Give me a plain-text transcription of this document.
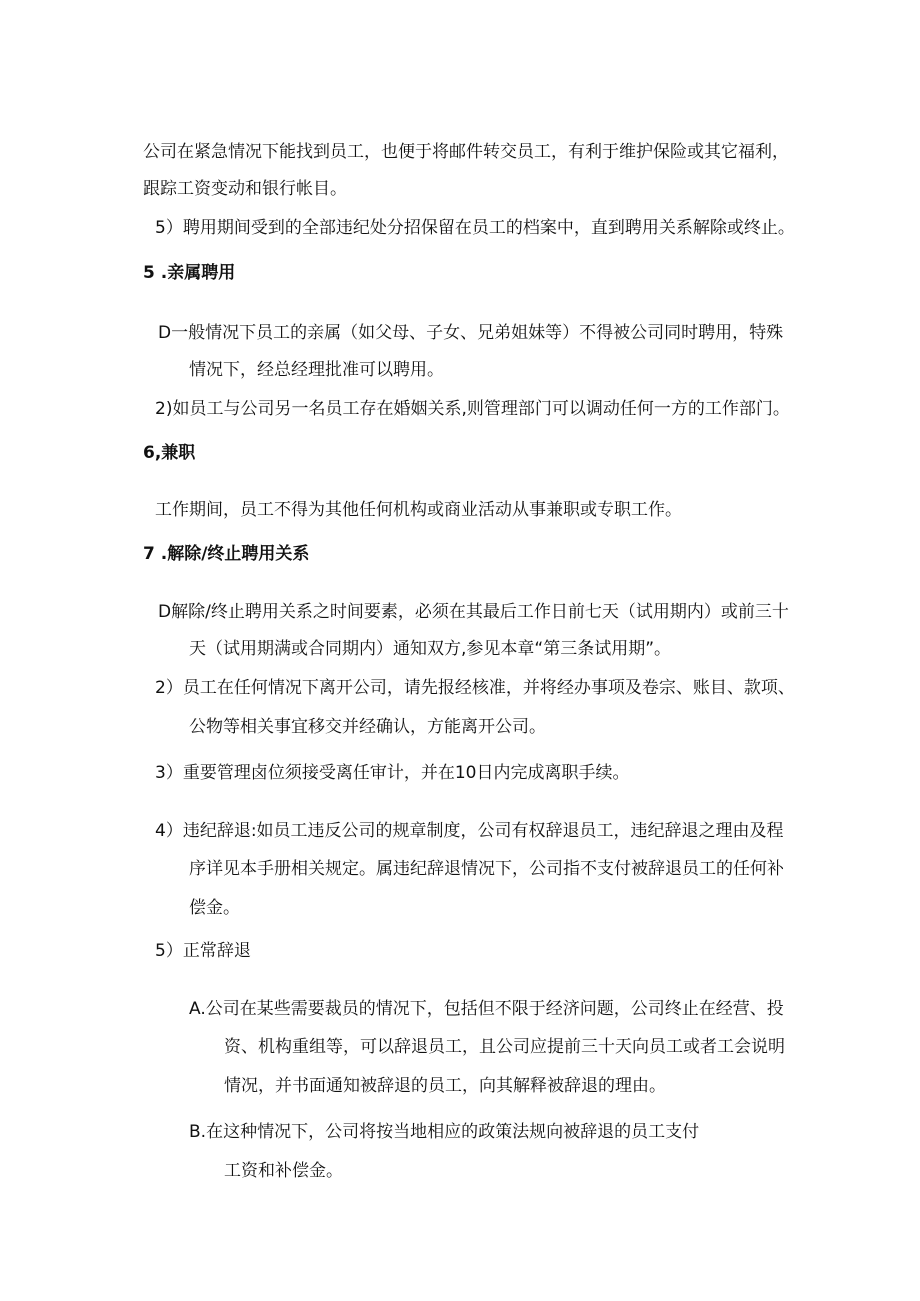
公司在紧急情况下能找到员工，也便于将邮件转交员工，有利于维护保险或其它福利，
跟踪工资变动和银行帐目。
5）聘用期间受到的全部违纪处分招保留在员工的档案中，直到聘用关系解除或终止。
5 .亲属聘用
D一般情况下员工的亲属（如父母、子女、兄弟姐妹等）不得被公司同时聘用，特殊
情况下，经总经理批准可以聘用。
2)如员工与公司另一名员工存在婚姻关系,则管理部门可以调动任何一方的工作部门。
6,兼职
工作期间，员工不得为其他任何机构或商业活动从事兼职或专职工作。
7 .解除/终止聘用关系
D解除/终止聘用关系之时间要素，必须在其最后工作日前七天（试用期内）或前三十
天（试用期满或合同期内）通知双方,参见本章“第三条试用期”。
2）员工在任何情况下离开公司，请先报经核准，并将经办事项及卷宗、账目、款项、
公物等相关事宜移交并经确认，方能离开公司。
3）重要管理卤位须接受离任审计，并在10日内完成离职手续。
4）违纪辞退:如员工违反公司的规章制度，公司有权辞退员工，违纪辞退之理由及程
序详见本手册相关规定。属违纪辞退情况下，公司指不支付被辞退员工的任何补
偿金。
5）正常辞退
A.公司在某些需要裁员的情况下，包括但不限于经济问题，公司终止在经营、投
资、机构重组等，可以辞退员工，且公司应提前三十天向员工或者工会说明
情况，并书面通知被辞退的员工，向其解释被辞退的理由。
B.在这种情况下，公司将按当地相应的政策法规向被辞退的员工支付
工资和补偿金。
